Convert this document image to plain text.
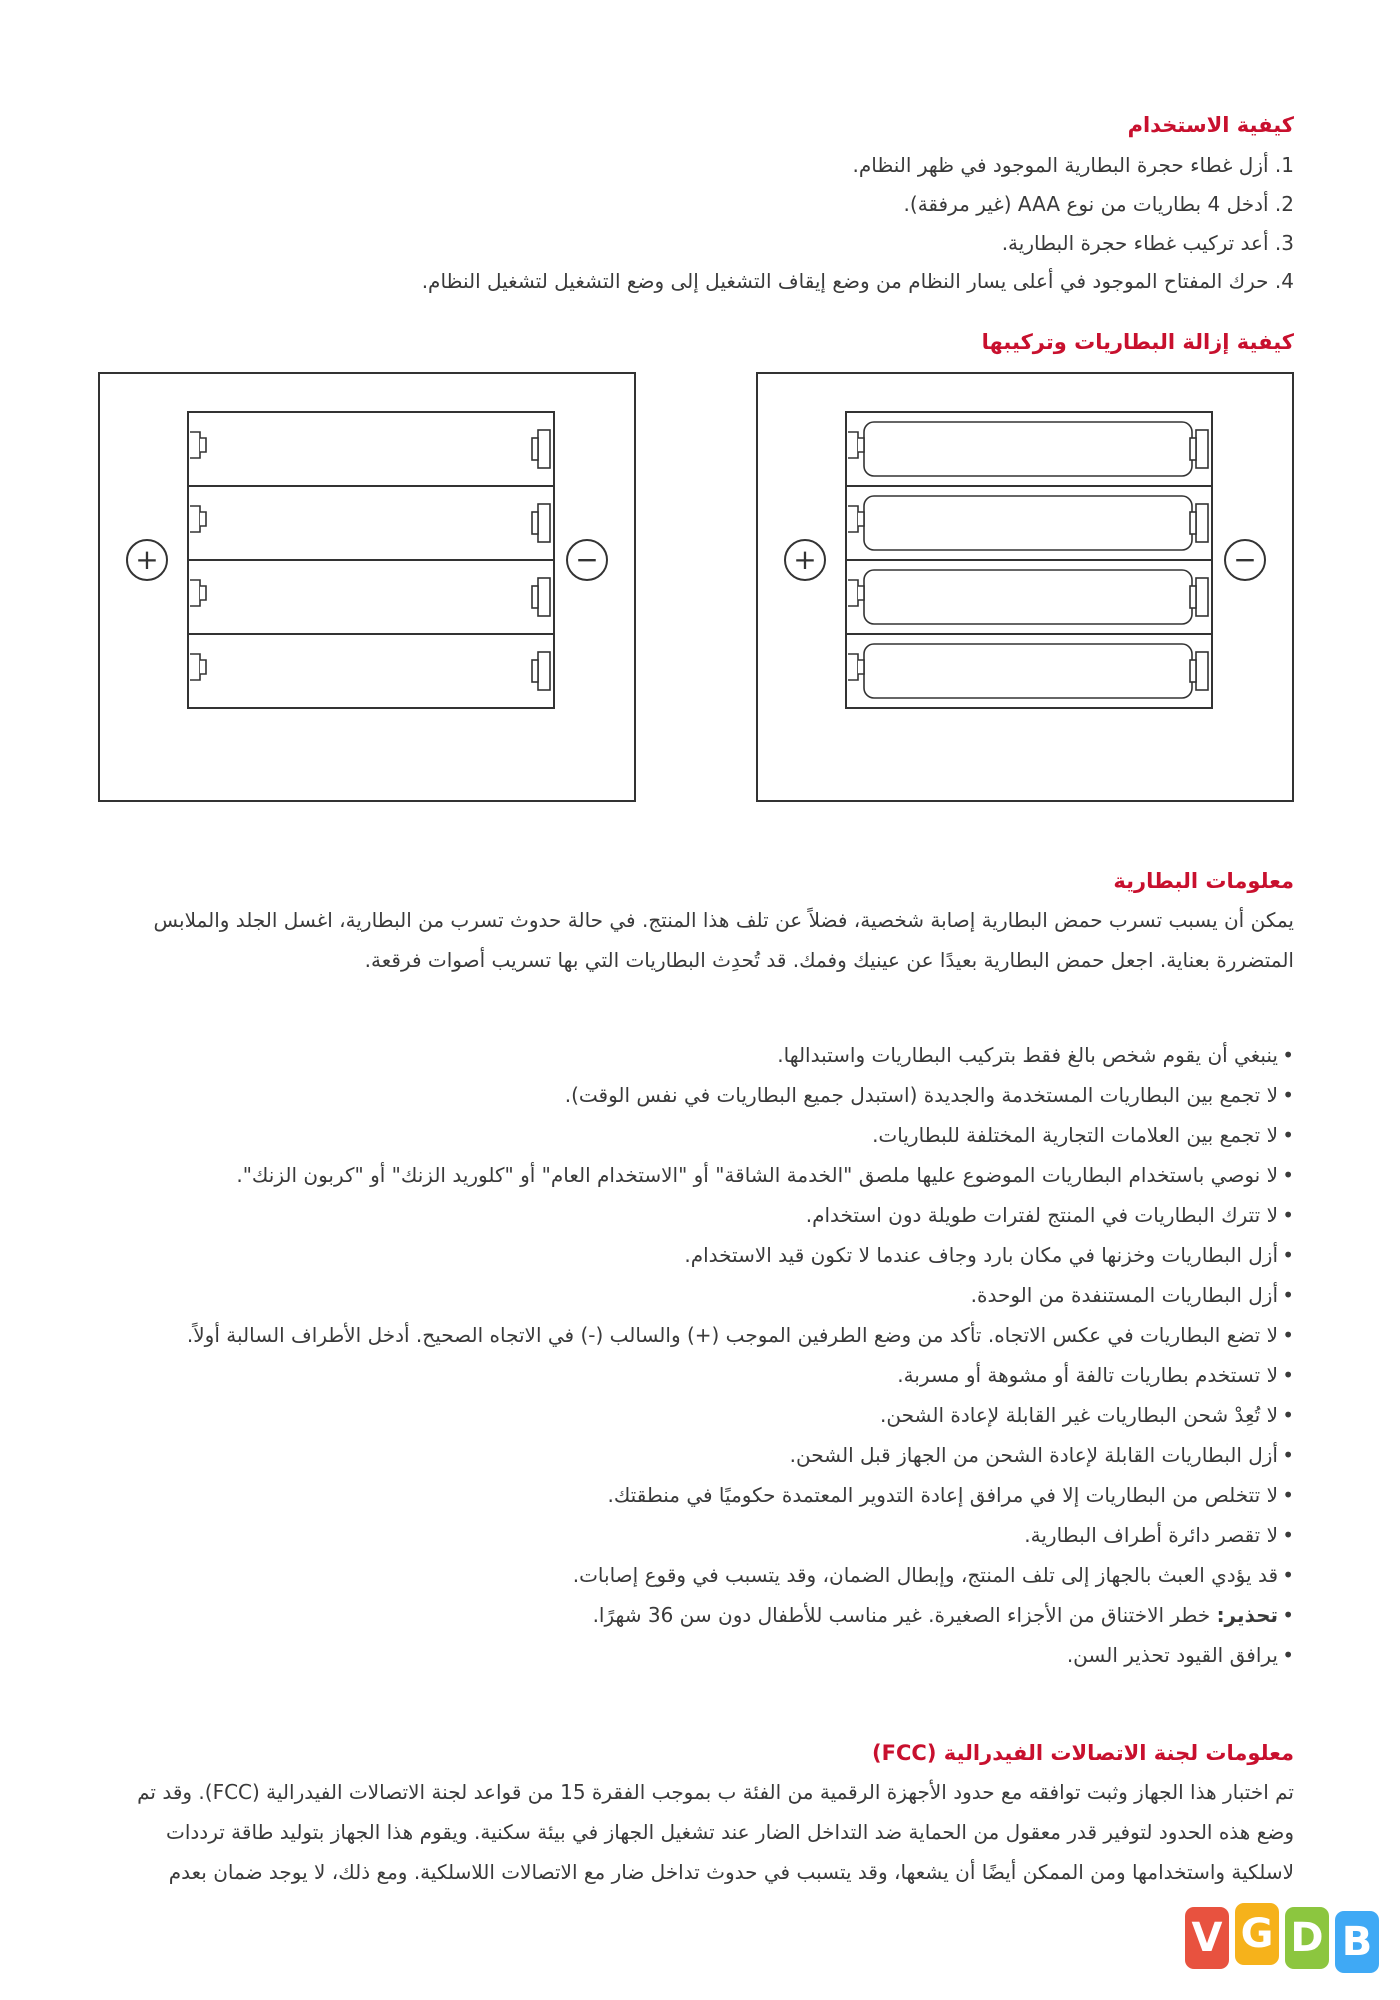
كيفية الاستخدام
1. أزل غطاء حجرة البطارية الموجود في ظهر النظام.
2. أدخل 4 بطاريات من نوع AAA (غير مرفقة).
3. أعد تركيب غطاء حجرة البطارية.
4. حرك المفتاح الموجود في أعلى يسار النظام من وضع إيقاف التشغيل إلى وضع التشغيل لتشغيل النظام.
كيفية إزالة البطاريات وتركيبها
+	−	+	−
معلومات البطارية
يمكن أن يسبب تسرب حمض البطارية إصابة شخصية، فضلاً عن تلف هذا المنتج. في حالة حدوث تسرب من البطارية، اغسل الجلد والملابس المتضررة بعناية. اجعل حمض البطارية بعيدًا عن عينيك وفمك. قد تُحدِث البطاريات التي بها تسريب أصوات فرقعة.
• ينبغي أن يقوم شخص بالغ فقط بتركيب البطاريات واستبدالها.
• لا تجمع بين البطاريات المستخدمة والجديدة (استبدل جميع البطاريات في نفس الوقت).
• لا تجمع بين العلامات التجارية المختلفة للبطاريات.
• لا نوصي باستخدام البطاريات الموضوع عليها ملصق "الخدمة الشاقة" أو "الاستخدام العام" أو "كلوريد الزنك" أو "كربون الزنك".
• لا تترك البطاريات في المنتج لفترات طويلة دون استخدام.
• أزل البطاريات وخزنها في مكان بارد وجاف عندما لا تكون قيد الاستخدام.
• أزل البطاريات المستنفدة من الوحدة.
• لا تضع البطاريات في عكس الاتجاه. تأكد من وضع الطرفين الموجب (+) والسالب (-) في الاتجاه الصحيح. أدخل الأطراف السالبة أولاً.
• لا تستخدم بطاريات تالفة أو مشوهة أو مسربة.
• لا تُعِدْ شحن البطاريات غير القابلة لإعادة الشحن.
• أزل البطاريات القابلة لإعادة الشحن من الجهاز قبل الشحن.
• لا تتخلص من البطاريات إلا في مرافق إعادة التدوير المعتمدة حكوميًا في منطقتك.
• لا تقصر دائرة أطراف البطارية.
• قد يؤدي العبث بالجهاز إلى تلف المنتج، وإبطال الضمان، وقد يتسبب في وقوع إصابات.
• تحذير: خطر الاختناق من الأجزاء الصغيرة. غير مناسب للأطفال دون سن 36 شهرًا.
• يرافق القيود تحذير السن.
معلومات لجنة الاتصالات الفيدرالية (FCC)
تم اختبار هذا الجهاز وثبت توافقه مع حدود الأجهزة الرقمية من الفئة ب بموجب الفقرة 15 من قواعد لجنة الاتصالات الفيدرالية (FCC). وقد تم وضع هذه الحدود لتوفير قدر معقول من الحماية ضد التداخل الضار عند تشغيل الجهاز في بيئة سكنية. ويقوم هذا الجهاز بتوليد طاقة ترددات لاسلكية واستخدامها ومن الممكن أيضًا أن يشعها، وقد يتسبب في حدوث تداخل ضار مع الاتصالات اللاسلكية. ومع ذلك، لا يوجد ضمان بعدم
V G D B
